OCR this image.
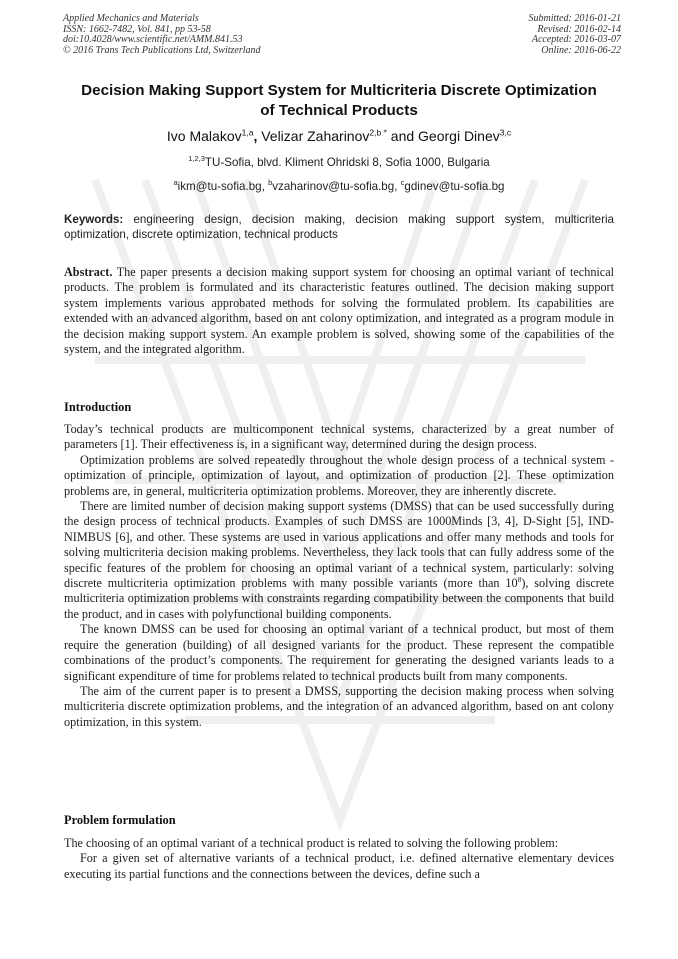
Applied Mechanics and Materials
ISSN: 1662-7482, Vol. 841, pp 53-58
doi:10.4028/www.scientific.net/AMM.841.53
© 2016 Trans Tech Publications Ltd, Switzerland
Submitted: 2016-01-21
Revised: 2016-02-14
Accepted: 2016-03-07
Online: 2016-06-22
Decision Making Support System for Multicriteria Discrete Optimization
of Technical Products
Ivo Malakov$^{1,a}$, Velizar Zaharinov$^{2,b *}$ and Georgi Dinev$^{3,c}$
$^{1,2,3}$TU-Sofia, blvd. Kliment Ohridski 8, Sofia 1000, Bulgaria
$^a$ikm@tu-sofia.bg, $^b$vzaharinov@tu-sofia.bg, $^c$gdinev@tu-sofia.bg
Keywords: engineering design, decision making, decision making support system, multicriteria optimization, discrete optimization, technical products

Abstract. The paper presents a decision making support system for choosing an optimal variant of technical products. The problem is formulated and its characteristic features outlined. The decision making support system implements various approbated methods for solving the formulated problem. Its capabilities are extended with an advanced algorithm, based on ant colony optimization, and integrated as a program module in the decision making support system. An example problem is solved, showing some of the capabilities of the system, and the integrated algorithm.

Introduction

Today’s technical products are multicomponent technical systems, characterized by a great number of parameters [1]. Their effectiveness is, in a significant way, determined during the design process.

Optimization problems are solved repeatedly throughout the whole design process of a technical system - optimization of principle, optimization of layout, and optimization of production [2]. These optimization problems are, in general, multicriteria optimization problems. Moreover, they are inherently discrete.

There are limited number of decision making support systems (DMSS) that can be used successfully during the design process of technical products. Examples of such DMSS are 1000Minds [3, 4], D-Sight [5], IND-NIMBUS [6], and other. These systems are used in various applications and offer many methods and tools for solving multicriteria decision making problems. Nevertheless, they lack tools that can fully address some of the specific features of the problem for choosing an optimal variant of a technical system, particularly: solving discrete multicriteria optimization problems with many possible variants (more than $10^8$), solving discrete multicriteria optimization problems with constraints regarding compatibility between the components that build the product, and in cases with polyfunctional building components.

The known DMSS can be used for choosing an optimal variant of a technical product, but most of them require the generation (building) of all designed variants for the product. These represent the compatible combinations of the product’s components. The requirement for generating the designed variants leads to a significant expenditure of time for problems related to technical products built from many components.

The aim of the current paper is to present a DMSS, supporting the decision making process when solving multicriteria discrete optimization problems, and the integration of an advanced algorithm, based on ant colony optimization, in this system.

Problem formulation

The choosing of an optimal variant of a technical product is related to solving the following problem:

For a given set of alternative variants of a technical product, i.e. defined alternative elementary devices executing its partial functions and the connections between the devices, define such a
